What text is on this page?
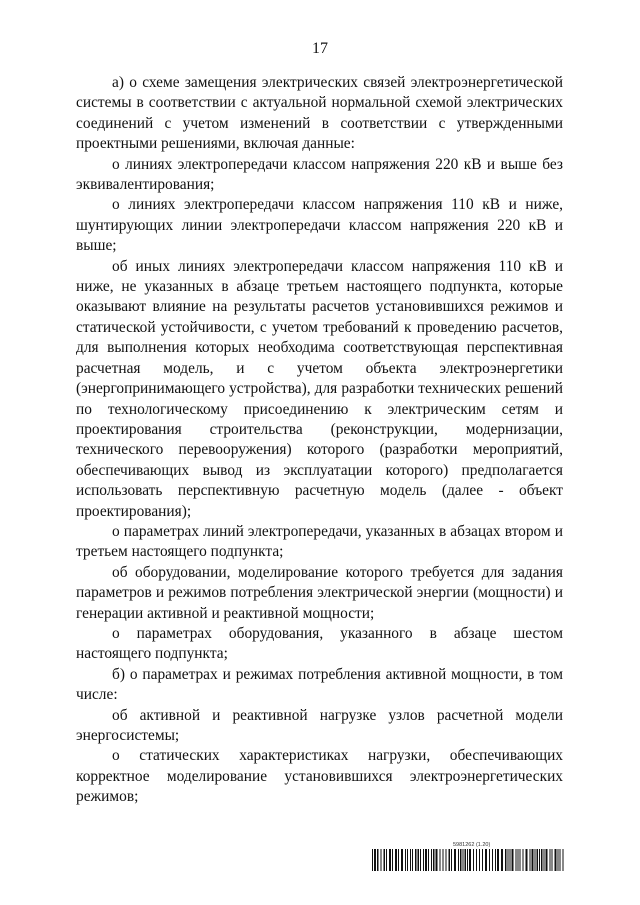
17

а) о схеме замещения электрических связей электроэнергетической системы в соответствии с актуальной нормальной схемой электрических соединений с учетом изменений в соответствии с утвержденными проектными решениями, включая данные:

о линиях электропередачи классом напряжения 220 кВ и выше без эквивалентирования;

о линиях электропередачи классом напряжения 110 кВ и ниже, шунтирующих линии электропередачи классом напряжения 220 кВ и выше;

об иных линиях электропередачи классом напряжения 110 кВ и ниже, не указанных в абзаце третьем настоящего подпункта, которые оказывают влияние на результаты расчетов установившихся режимов и статической устойчивости, с учетом требований к проведению расчетов, для выполнения которых необходима соответствующая перспективная расчетная модель, и с учетом объекта электроэнергетики (энергопринимающего устройства), для разработки технических решений по технологическому присоединению к электрическим сетям и проектирования строительства (реконструкции, модернизации, технического перевооружения) которого (разработки мероприятий, обеспечивающих вывод из эксплуатации которого) предполагается использовать перспективную расчетную модель (далее - объект проектирования);

о параметрах линий электропередачи, указанных в абзацах втором и третьем настоящего подпункта;

об оборудовании, моделирование которого требуется для задания параметров и режимов потребления электрической энергии (мощности) и генерации активной и реактивной мощности;

о параметрах оборудования, указанного в абзаце шестом настоящего подпункта;

б) о параметрах и режимах потребления активной мощности, в том числе:

об активной и реактивной нагрузке узлов расчетной модели энергосистемы;

о статических характеристиках нагрузки, обеспечивающих корректное моделирование установившихся электроэнергетических режимов;

5981262 (1.20)
